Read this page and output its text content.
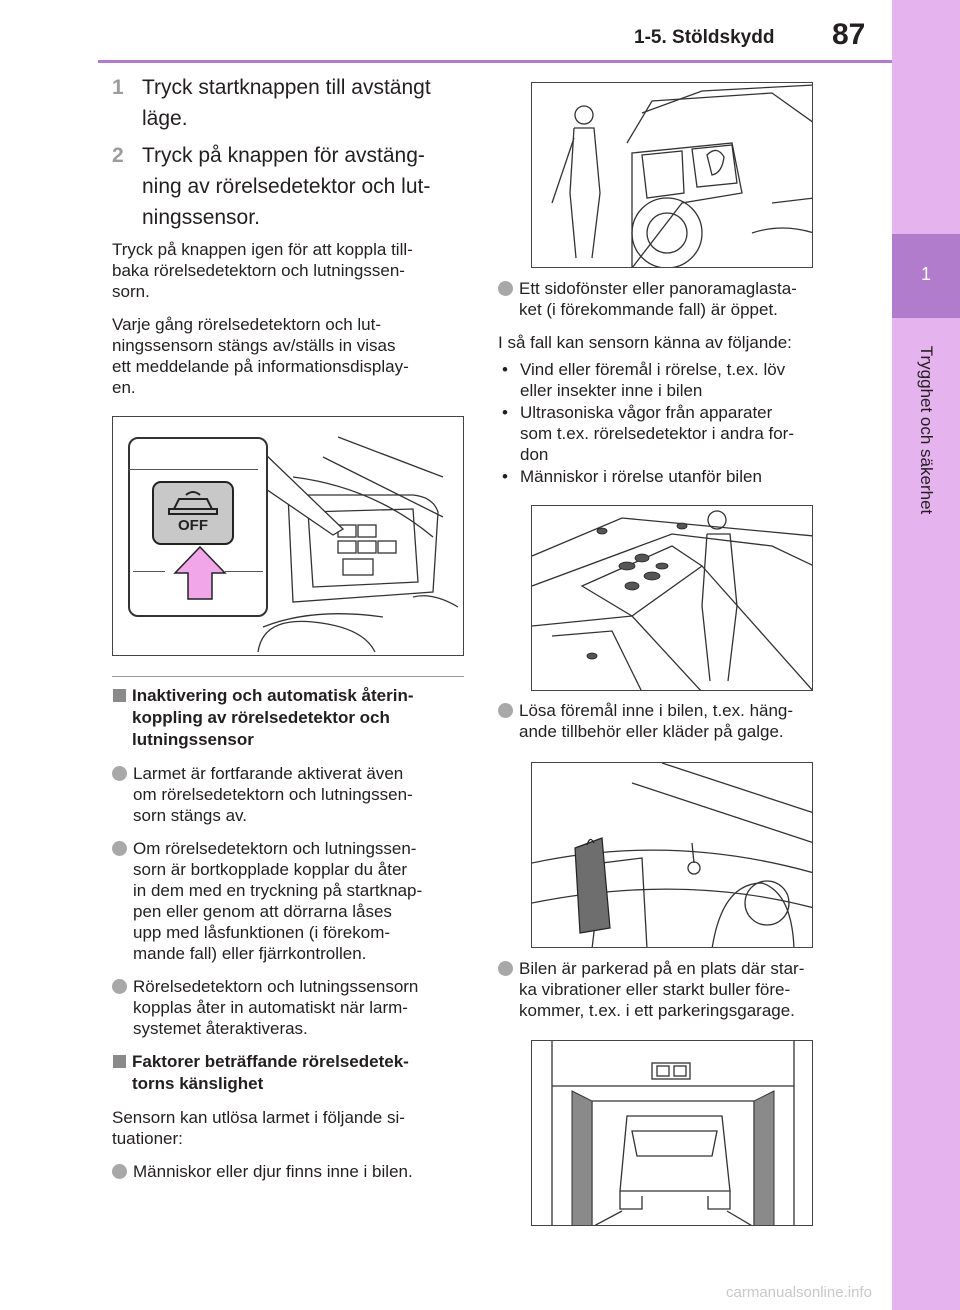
1-5. Stöldskydd 87
1
Trygghet och säkerhet
1 Tryck startknappen till avstängt
läge.
2 Tryck på knappen för avstäng-
ning av rörelsedetektor och lut-
ningssensor.

Tryck på knappen igen för att koppla till-
baka rörelsedetektorn och lutningssen-
sorn.

Varje gång rörelsedetektorn och lut-
ningssensorn stängs av/ställs in visas
ett meddelande på informationsdisplay-
en.

OFF
Inaktivering och automatisk återin-
koppling av rörelsedetektor och
lutningssensor
Larmet är fortfarande aktiverat även
om rörelsedetektorn och lutningssen-
sorn stängs av.
Om rörelsedetektorn och lutningssen-
sorn är bortkopplade kopplar du åter
in dem med en tryckning på startknap-
pen eller genom att dörrarna låses
upp med låsfunktionen (i förekom-
mande fall) eller fjärrkontrollen.
Rörelsedetektorn och lutningssensorn
kopplas åter in automatiskt när larm-
systemet återaktiveras.
Faktorer beträffande rörelsedetek-
torns känslighet

Sensorn kan utlösa larmet i följande si-
tuationer:

Människor eller djur finns inne i bilen.
Ett sidofönster eller panoramaglasta-
ket (i förekommande fall) är öppet.

I så fall kan sensorn känna av följande:

• Vind eller föremål i rörelse, t.ex. löv
eller insekter inne i bilen
• Ultrasoniska vågor från apparater
som t.ex. rörelsedetektor i andra for-
don
• Människor i rörelse utanför bilen
Lösa föremål inne i bilen, t.ex. häng-
ande tillbehör eller kläder på galge.
Bilen är parkerad på en plats där star-
ka vibrationer eller starkt buller före-
kommer, t.ex. i ett parkeringsgarage.
carmanualsonline.info
